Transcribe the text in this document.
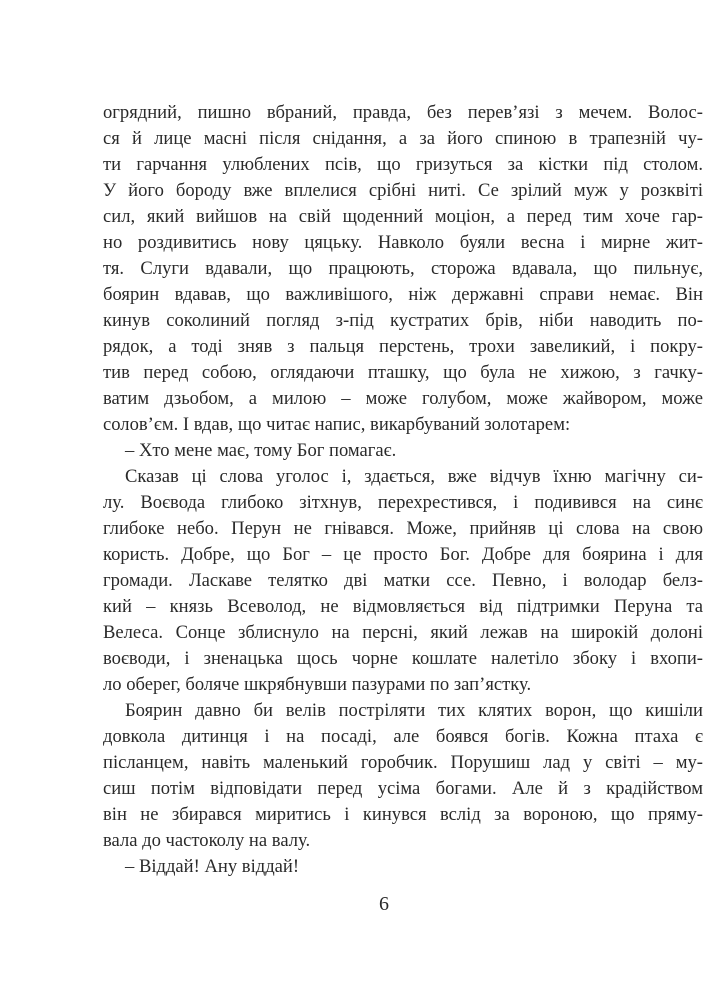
огрядний, пишно вбраний, правда, без перев’язі з мечем. Волос-
ся й лице масні після снідання, а за його спиною в трапезній чу-
ти гарчання улюблених псів, що гризуться за кістки під столом.
У його бороду вже вплелися срібні нитi. Се зрілий муж у розквіті
сил, який вийшов на свій щоденний моціон, а перед тим хоче гар-
но роздивитись нову цяцьку. Навколо буяли весна і мирне жит-
тя. Слуги вдавали, що працюють, сторожа вдавала, що пильнує,
боярин вдавав, що важливішого, ніж державні справи немає. Він
кинув соколиний погляд з-під кустратих брів, ніби наводить по-
рядок, а тоді зняв з пальця перстень, трохи завеликий, і покру-
тив перед собою, оглядаючи пташку, що була не хижою, з гачку-
ватим дзьобом, а милою – може голубом, може жайвором, може
солов’єм. І вдав, що читає напис, викарбуваний золотарем:
– Хто мене має, тому Бог помагає.
Сказав ці слова уголос і, здається, вже відчув їхню магічну си-
лу. Воєвода глибоко зітхнув, перехрестився, і подивився на синє
глибоке небо. Перун не гнівався. Може, прийняв ці слова на свою
користь. Добре, що Бог – це просто Бог. Добре для боярина і для
громади. Ласкаве телятко дві матки ссе. Певно, і володар белз-
кий – князь Всеволод, не відмовляється від підтримки Перуна та
Велеса. Сонце зблиснуло на персні, який лежав на широкій долоні
воєводи, і зненацька щось чорне кошлате налетіло збоку і вхопи-
ло оберег, боляче шкрябнувши пазурами по зап’ястку.
Боярин давно би велів постріляти тих клятих ворон, що кишіли
довкола дитинця і на посаді, але боявся богів. Кожна птаха є
післанцем, навіть маленький горобчик. Порушиш лад у світі – му-
сиш потім відповідати перед усіма богами. Але й з крадійством
він не збирався миритись і кинувся вслід за вороною, що пряму-
вала до частоколу на валу.
– Віддай! Ану віддай!
6
